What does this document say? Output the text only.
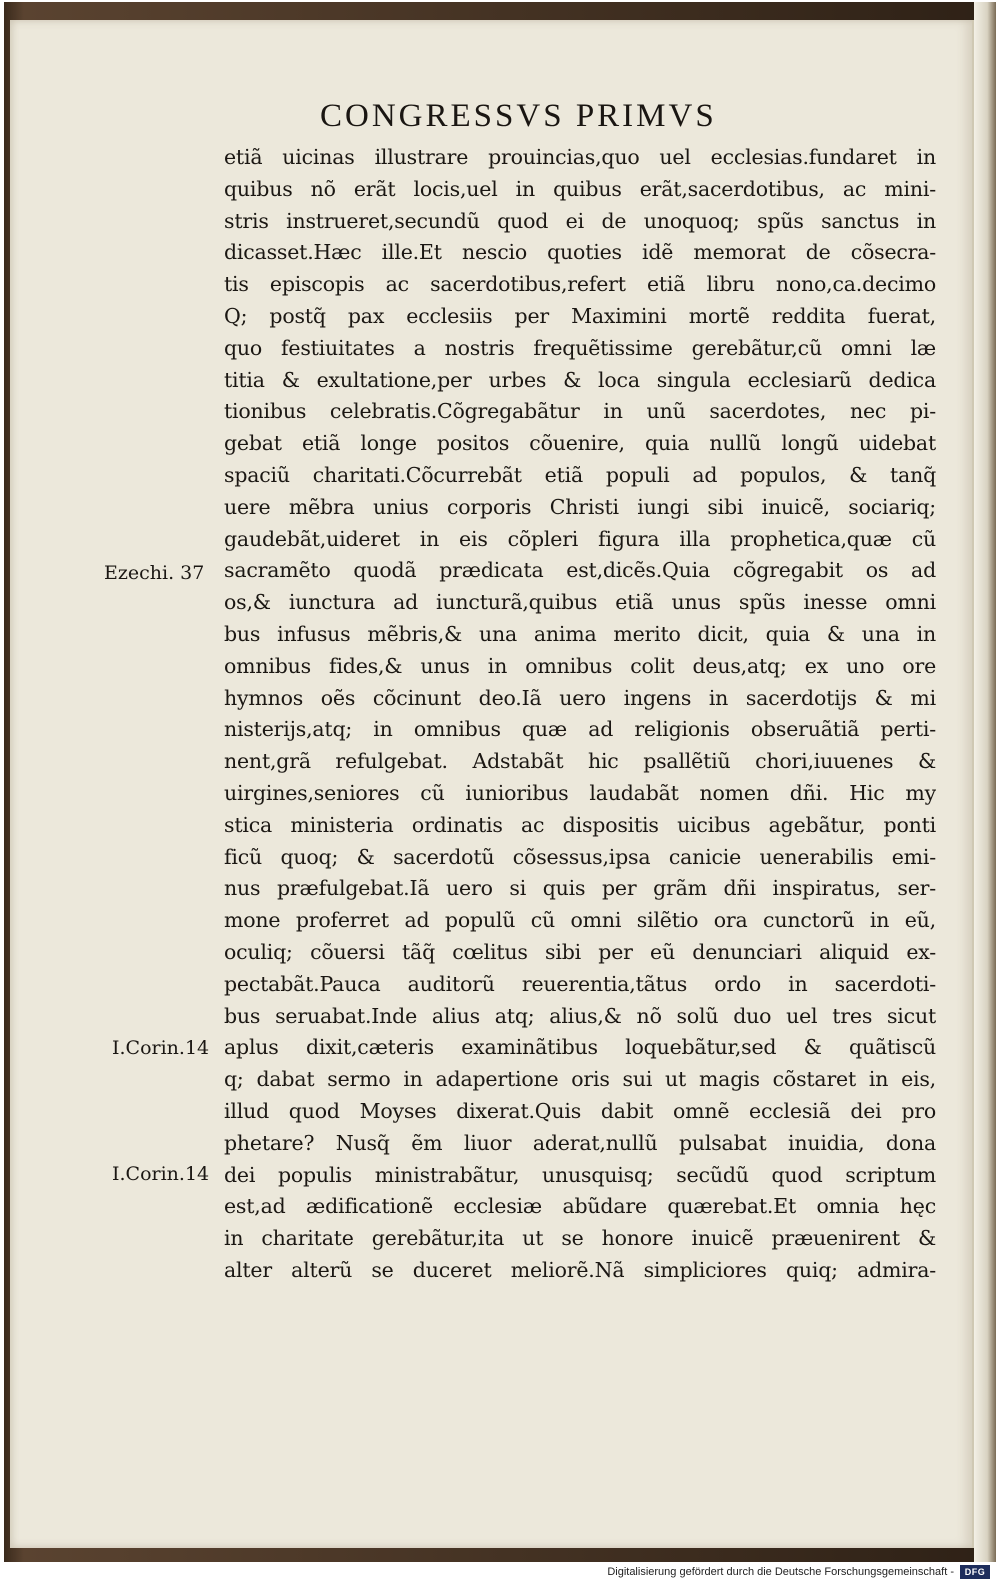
CONGRESSVS PRIMVS
etiã uicinas illustrare prouincias,quo uel ecclesias.fundaret in
quibus nõ erãt locis,uel in quibus erãt,sacerdotibus, ac mini-
stris instrueret,secundũ quod ei de unoquoq; spũs sanctus in
dicasset.Hæc ille.Et nescio quoties idẽ memorat de cõsecra-
tis episcopis ac sacerdotibus,refert etiã libru nono,ca.decimo
Q; postq̃ pax ecclesiis per Maximini mortẽ reddita fuerat,
quo festiuitates a nostris frequẽtissime gerebãtur,cũ omni læ
titia & exultatione,per urbes & loca singula ecclesiarũ dedica
tionibus celebratis.Cõgregabãtur in unũ sacerdotes, nec pi-
gebat etiã longe positos cõuenire, quia nullũ longũ uidebat
spaciũ charitati.Cõcurrebãt etiã populi ad populos, & tanq̃
uere mẽbra unius corporis Christi iungi sibi inuicẽ, sociariq;
gaudebãt,uideret in eis cõpleri figura illa prophetica,quæ cũ
sacramẽto quodã prædicata est,dicẽs.Quia cõgregabit os ad
os,& iunctura ad iuncturã,quibus etiã unus spũs inesse omni
bus infusus mẽbris,& una anima merito dicit, quia & una in
omnibus fides,& unus in omnibus colit deus,atq; ex uno ore
hymnos oẽs cõcinunt deo.Iã uero ingens in sacerdotijs & mi
nisterijs,atq; in omnibus quæ ad religionis obseruãtiã perti-
nent,grã refulgebat. Adstabãt hic psallẽtiũ chori,iuuenes &
uirgines,seniores cũ iunioribus laudabãt nomen dñi. Hic my
stica ministeria ordinatis ac dispositis uicibus agebãtur, ponti
ficũ quoq; & sacerdotũ cõsessus,ipsa canicie uenerabilis emi-
nus præfulgebat.Iã uero si quis per grãm dñi inspiratus, ser-
mone proferret ad populũ cũ omni silẽtio ora cunctorũ in eũ,
oculiq; cõuersi tãq̃ cœlitus sibi per eũ denunciari aliquid ex-
pectabãt.Pauca auditorũ reuerentia,tãtus ordo in sacerdoti-
bus seruabat.Inde alius atq; alius,& nõ solũ duo uel tres sicut
aplus dixit,cæteris examinãtibus loquebãtur,sed & quãtiscũ
q; dabat sermo in adapertione oris sui ut magis cõstaret in eis,
illud quod Moyses dixerat.Quis dabit omnẽ ecclesiã dei pro
phetare? Nusq̃ ẽm liuor aderat,nullũ pulsabat inuidia, dona
dei populis ministrabãtur, unusquisq; secũdũ quod scriptum
est,ad ædificationẽ ecclesiæ abũdare quærebat.Et omnia hęc
in charitate gerebãtur,ita ut se honore inuicẽ præuenirent &
alter alterũ se duceret meliorẽ.Nã simpliciores quiq; admira-
Ezechi. 37
I.Corin.14
I.Corin.14
Digitalisierung gefördert durch die Deutsche Forschungsgemeinschaft -	DFG
